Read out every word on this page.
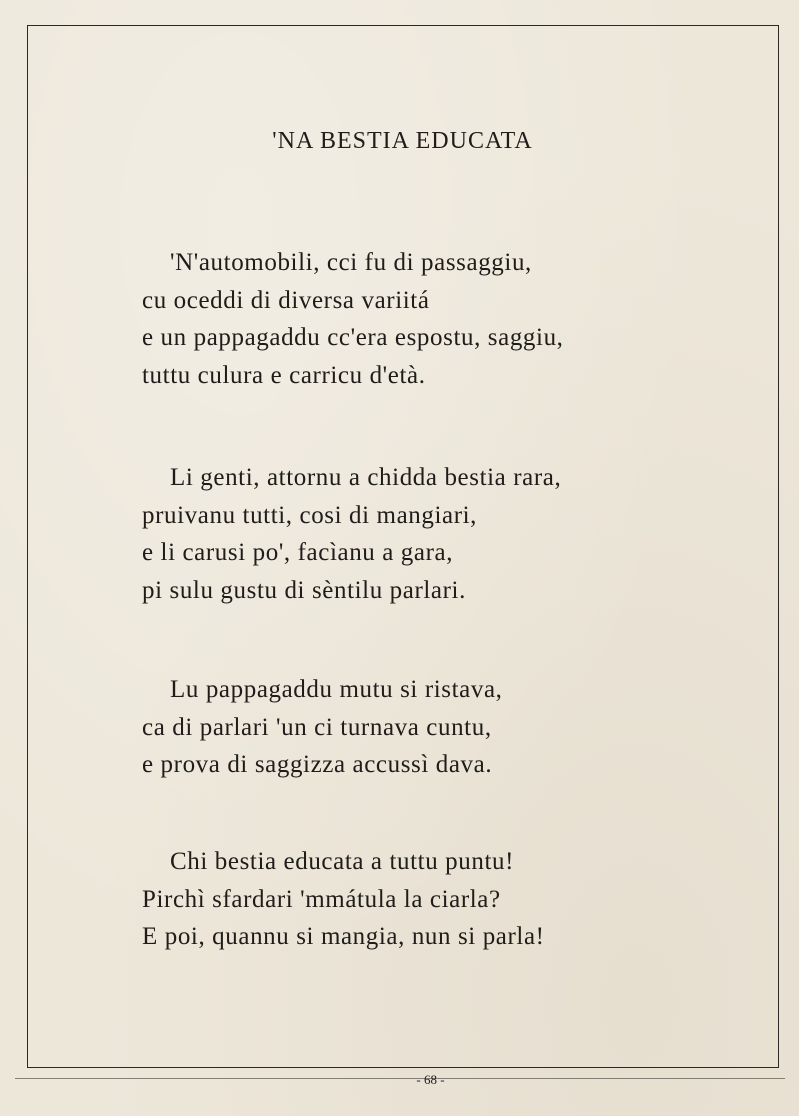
'NA BESTIA EDUCATA
'N'automobili, cci fu di passaggiu,
cu oceddi di diversa variitá
e un pappagaddu cc'era espostu, saggiu,
tuttu culura e carricu d'età.
Li genti, attornu a chidda bestia rara,
pruivanu tutti, cosi di mangiari,
e li carusi po', facìanu a gara,
pi sulu gustu di sèntilu parlari.
Lu pappagaddu mutu si ristava,
ca di parlari 'un ci turnava cuntu,
e prova di saggizza accussì dava.
Chi bestia educata a tuttu puntu!
Pirchì sfardari 'mmátula la ciarla?
E poi, quannu si mangia, nun si parla!
- 68 -
